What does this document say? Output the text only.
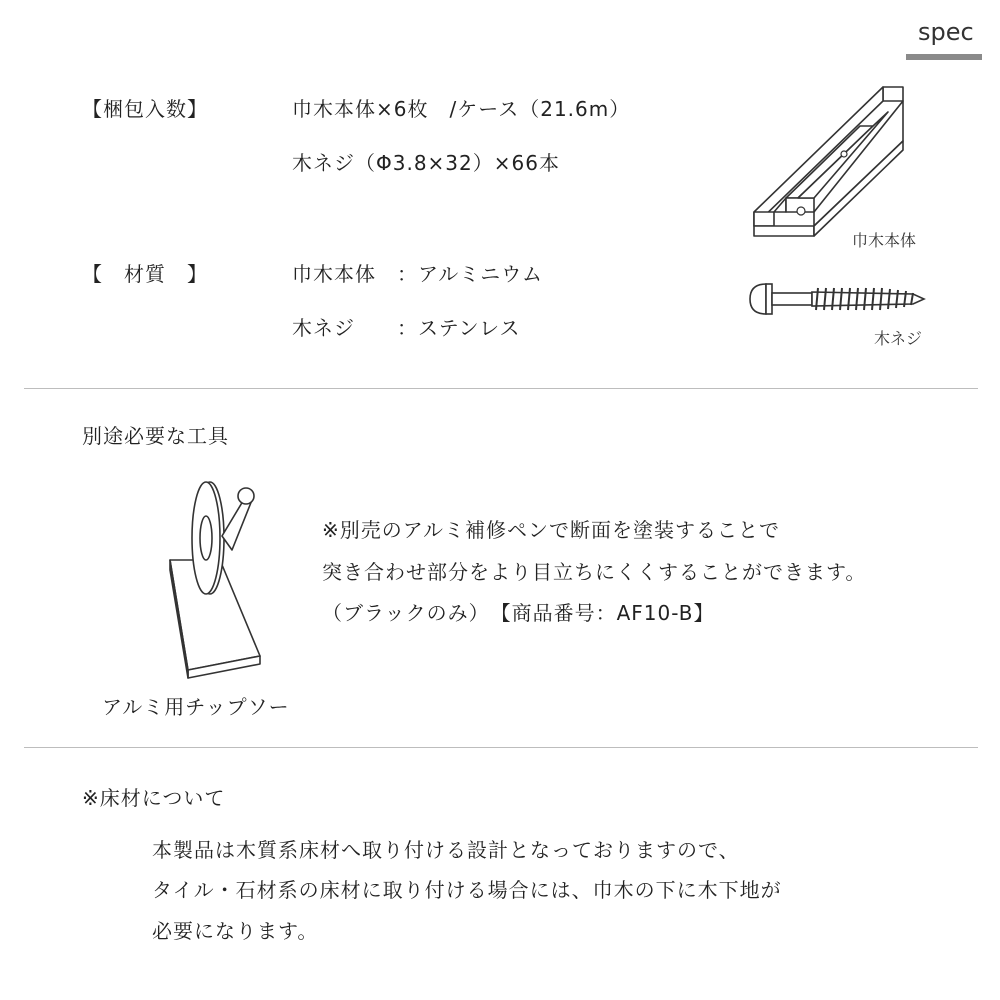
spec
【梱包入数】	巾木本体×6枚　/ケース（21.6m）
木ネジ（Φ3.8×32）×66本
【　材質　】	巾木本体　：アルミニウム
木ネジ　　：ステンレス
巾木本体
木ネジ
別途必要な工具
アルミ用チップソー
※別売のアルミ補修ペンで断面を塗装することで
突き合わせ部分をより目立ちにくくすることができます。
（ブラックのみ）　【商品番号：AF10-B】
※床材について
本製品は木質系床材へ取り付ける設計となっておりますので、
タイル・石材系の床材に取り付ける場合には、巾木の下に木下地が
必要になります。
